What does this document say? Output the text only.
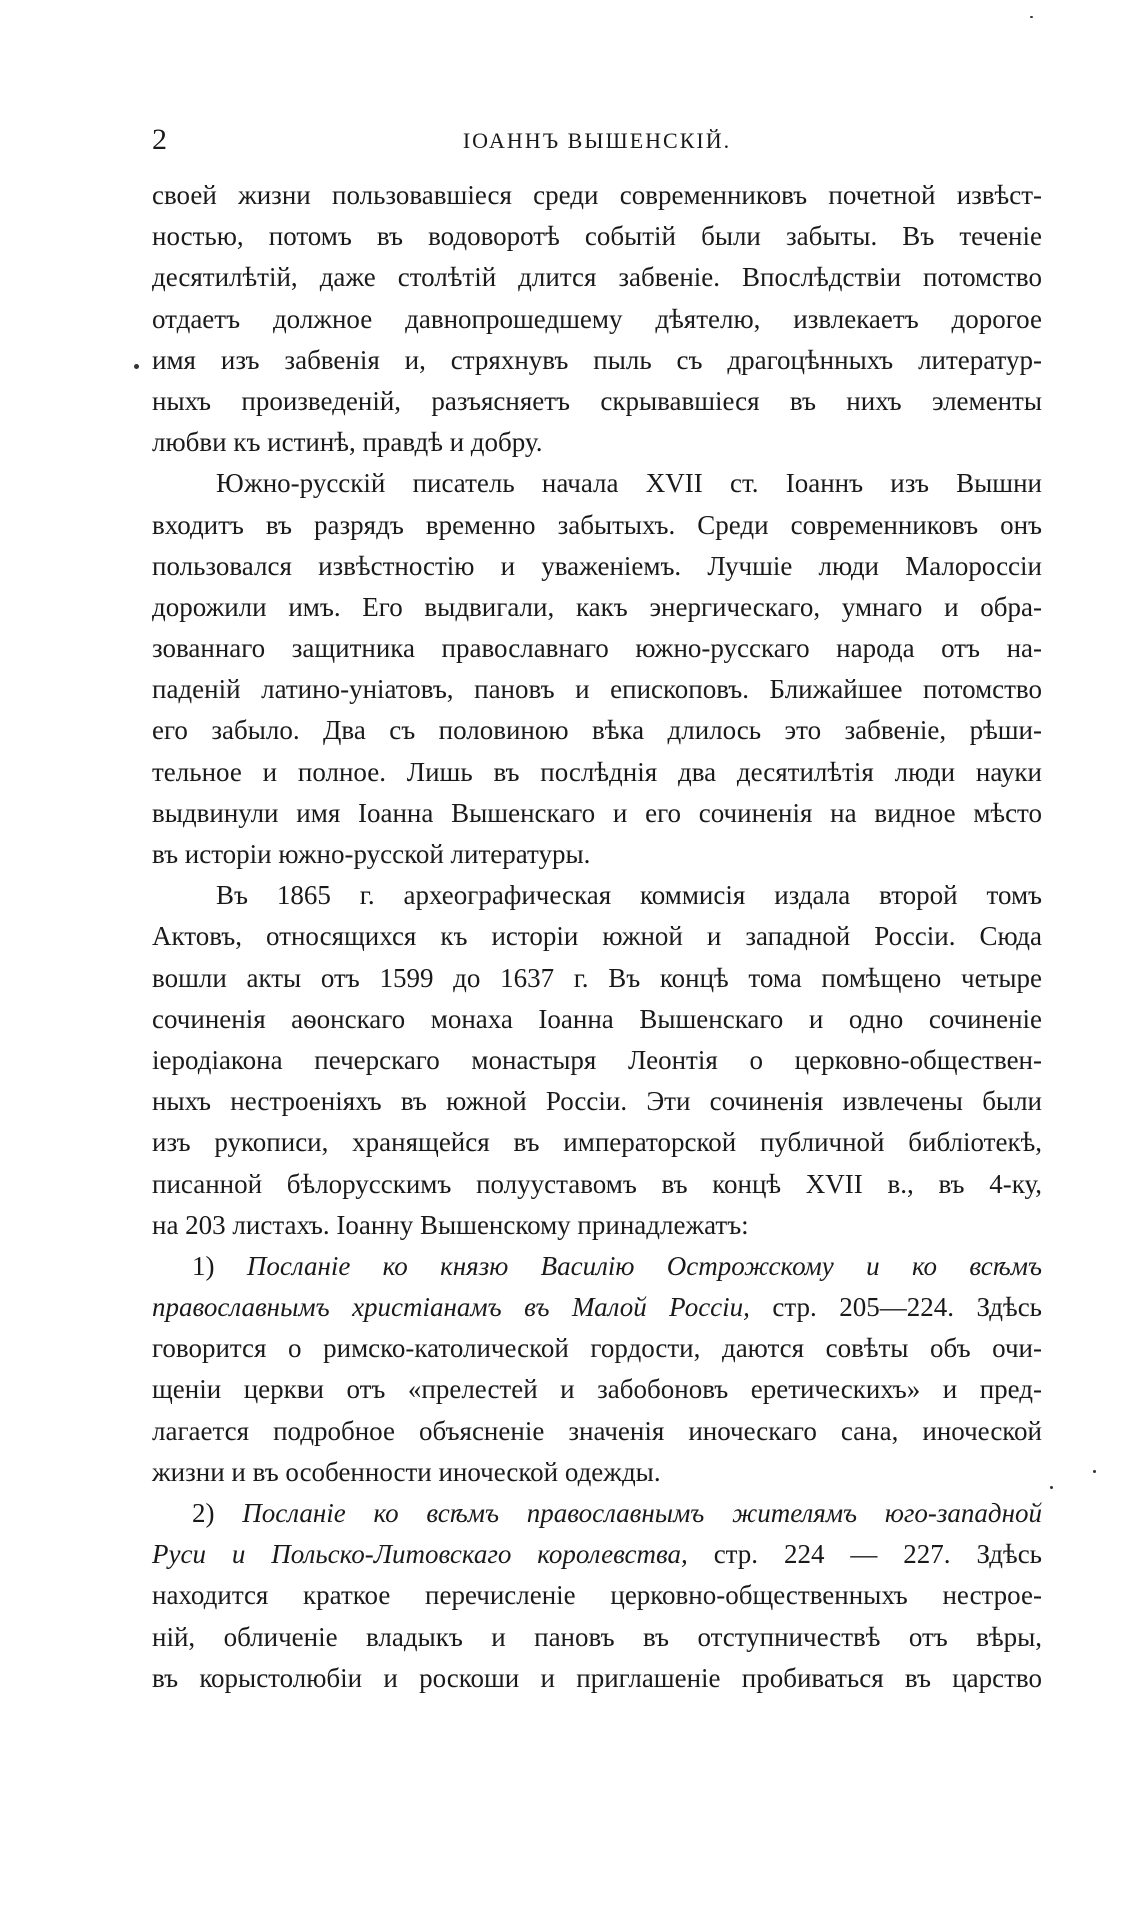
2	ІОАННЪ ВЫШЕНСКІЙ.
своей жизни пользовавшіеся среди современниковъ почетной извѣст-
ностью, потомъ въ водоворотѣ событій были забыты. Въ теченіе
десятилѣтій, даже столѣтій длится забвеніе. Впослѣдствіи потомство
отдаетъ должное давнопрошедшему дѣятелю, извлекаетъ дорогое
имя изъ забвенія и, стряхнувъ пыль съ драгоцѣнныхъ литератур-
ныхъ произведеній, разъясняетъ скрывавшіеся въ нихъ элементы
любви къ истинѣ, правдѣ и добру.
Южно-русскій писатель начала XVII ст. Іоаннъ изъ Вышни
входитъ въ разрядъ временно забытыхъ. Среди современниковъ онъ
пользовался извѣстностію и уваженіемъ. Лучшіе люди Малороссіи
дорожили имъ. Его выдвигали, какъ энергическаго, умнаго и обра-
зованнаго защитника православнаго южно-русскаго народа отъ на-
паденій латино-уніатовъ, пановъ и епископовъ. Ближайшее потомство
его забыло. Два съ половиною вѣка длилось это забвеніе, рѣши-
тельное и полное. Лишь въ послѣднія два десятилѣтія люди науки
выдвинули имя Іоанна Вышенскаго и его сочиненія на видное мѣсто
въ исторіи южно-русской литературы.
Въ 1865 г. археографическая коммисія издала второй томъ
Актовъ, относящихся къ исторіи южной и западной Россіи. Сюда
вошли акты отъ 1599 до 1637 г. Въ концѣ тома помѣщено четыре
сочиненія аѳонскаго монаха Іоанна Вышенскаго и одно сочиненіе
іеродіакона печерскаго монастыря Леонтія о церковно-обществен-
ныхъ нестроеніяхъ въ южной Россіи. Эти сочиненія извлечены были
изъ рукописи, хранящейся въ императорской публичной библіотекѣ,
писанной бѣлорусскимъ полууставомъ въ концѣ XVII в., въ 4-ку,
на 203 листахъ. Іоанну Вышенскому принадлежатъ:
1) Посланіе ко князю Василію Острожскому и ко всѣмъ
православнымъ христіанамъ въ Малой Россіи, стр. 205—224. Здѣсь
говорится о римско-католической гордости, даются совѣты объ очи-
щеніи церкви отъ «прелестей и забобоновъ еретическихъ» и пред-
лагается подробное объясненіе значенія иноческаго сана, иноческой
жизни и въ особенности иноческой одежды.
2) Посланіе ко всѣмъ православнымъ жителямъ юго-западной
Руси и Польско-Литовскаго королевства, стр. 224 — 227. Здѣсь
находится краткое перечисленіе церковно-общественныхъ нестрое-
ній, обличеніе владыкъ и пановъ въ отступничествѣ отъ вѣры,
въ корыстолюбіи и роскоши и приглашеніе пробиваться въ царство
